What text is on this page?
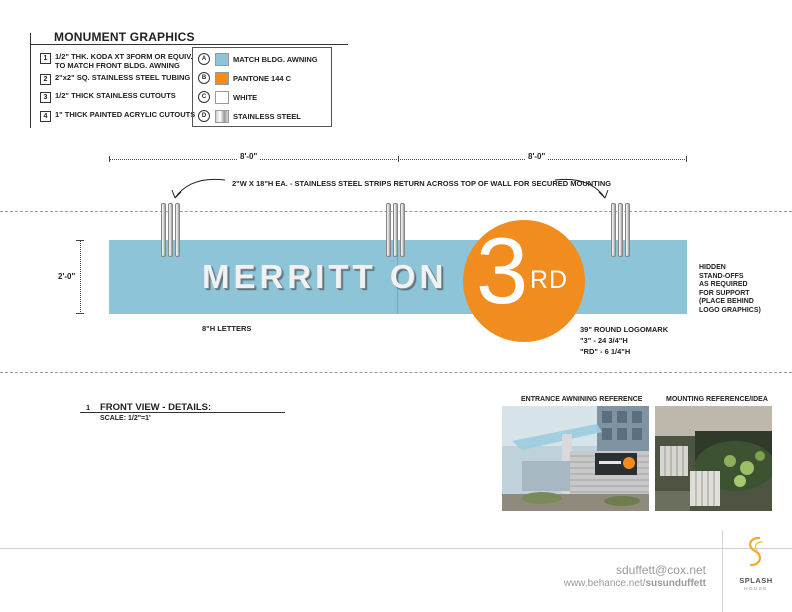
MONUMENT GRAPHICS
1	1/2" THK. KODA XT 3FORM OR EQUIV.
TO MATCH FRONT BLDG. AWNING
2	2"x2" SQ. STAINLESS STEEL TUBING
3	1/2" THICK STAINLESS CUTOUTS
4	1" THICK PAINTED ACRYLIC CUTOUTS
A	MATCH BLDG. AWNING
B	PANTONE 144 C
C	WHITE
D	STAINLESS STEEL
8'-0"	8'-0"
2"W X 18"H EA. - STAINLESS STEEL STRIPS RETURN ACROSS TOP OF WALL FOR SECURED MOUNTING
2'-0"	MERRITT ON 3 RD	HIDDEN
STAND-OFFS
AS REQUIRED
FOR SUPPORT
(PLACE BEHIND
LOGO GRAPHICS)
8"H LETTERS	39" ROUND LOGOMARK
"3" - 24 3/4"H
"RD" - 6 1/4"H
1 FRONT VIEW - DETAILS:
SCALE: 1/2"=1'
ENTRANCE AWNINING REFERENCE	MOUNTING REFERENCE/IDEA
sduffett@cox.net
www.behance.net/susunduffett	SPLASH
HOUSE
